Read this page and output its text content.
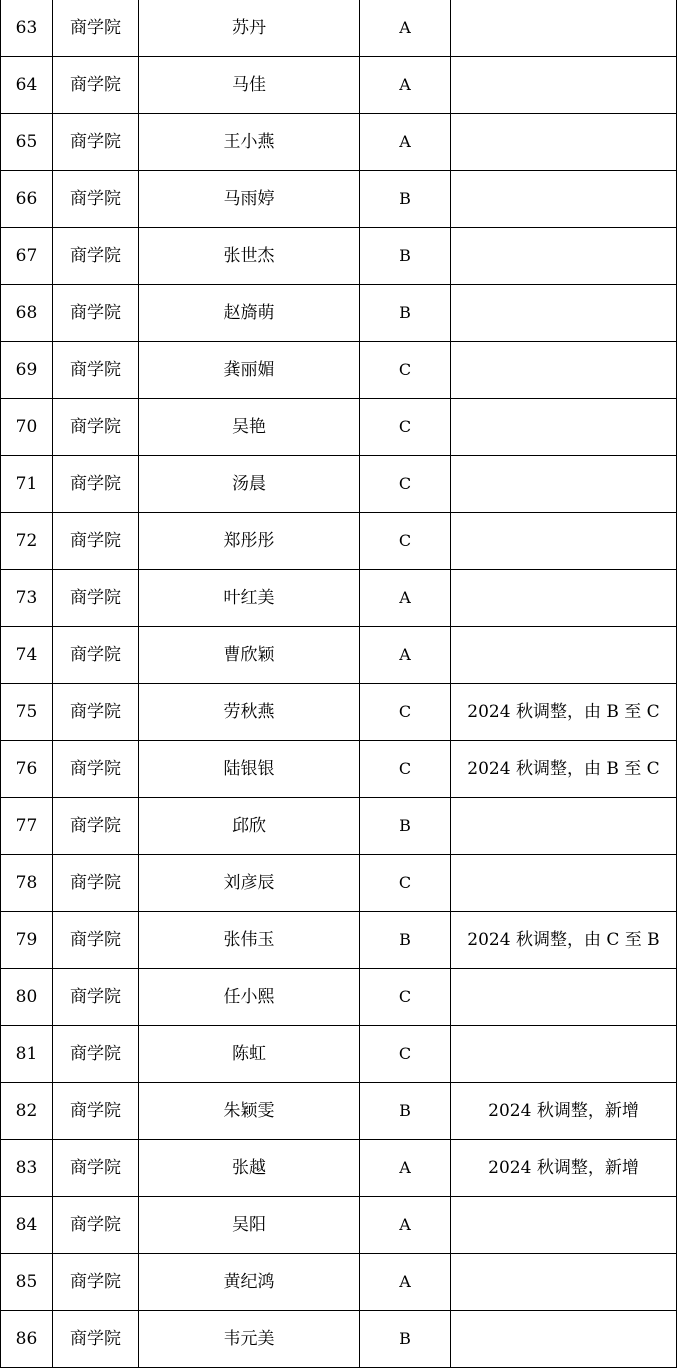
63	商学院	苏丹	A	
64	商学院	马佳	A	
65	商学院	王小燕	A	
66	商学院	马雨婷	B	
67	商学院	张世杰	B	
68	商学院	赵旖萌	B	
69	商学院	龚丽媚	C	
70	商学院	吴艳	C	
71	商学院	汤晨	C	
72	商学院	郑彤彤	C	
73	商学院	叶红美	A	
74	商学院	曹欣颖	A	
75	商学院	劳秋燕	C	2024 秋调整，由 B 至 C
76	商学院	陆银银	C	2024 秋调整，由 B 至 C
77	商学院	邱欣	B	
78	商学院	刘彦辰	C	
79	商学院	张伟玉	B	2024 秋调整，由 C 至 B
80	商学院	任小熙	C	
81	商学院	陈虹	C	
82	商学院	朱颖雯	B	2024 秋调整，新增
83	商学院	张越	A	2024 秋调整，新增
84	商学院	吴阳	A	
85	商学院	黄纪鸿	A	
86	商学院	韦元美	B	
